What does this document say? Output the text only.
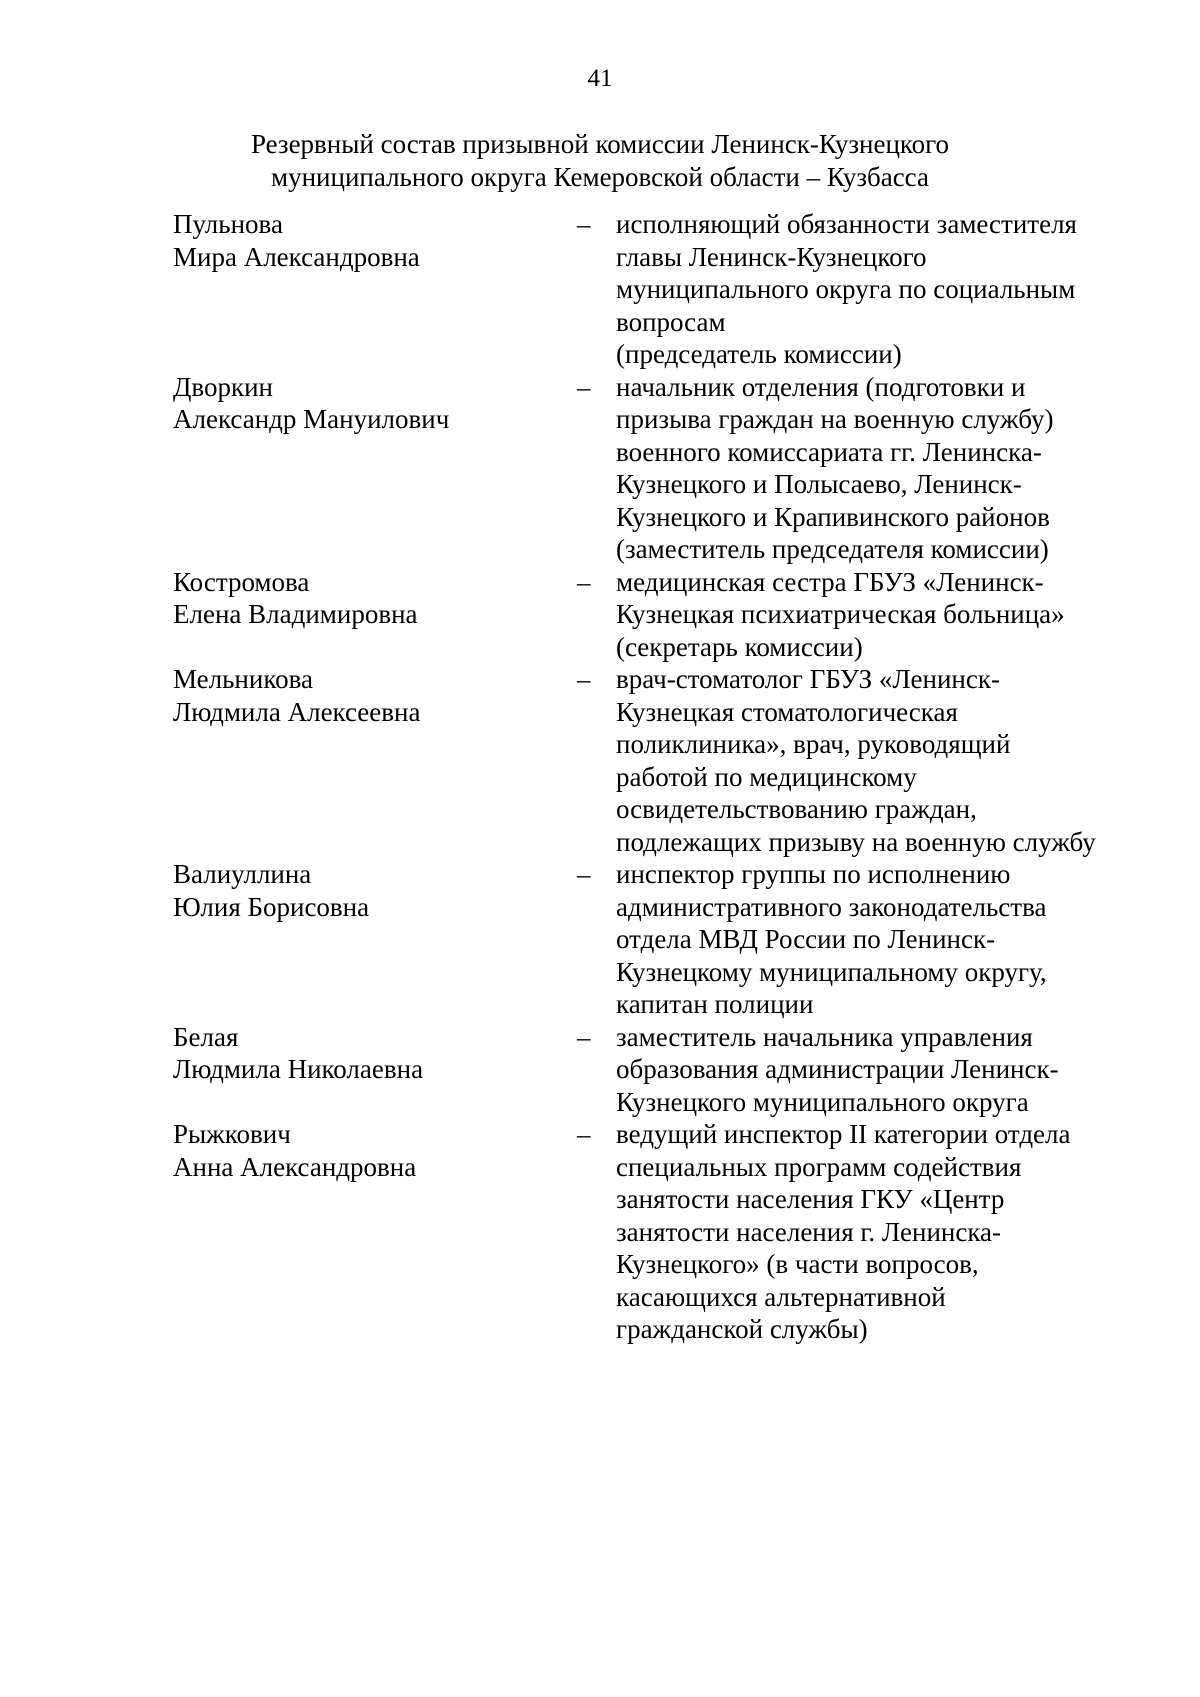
41
Резервный состав призывной комиссии Ленинск-Кузнецкого
муниципального округа Кемеровской области – Кузбасса
Пульнова
Мира Александровна
– исполняющий обязанности заместителя
главы Ленинск-Кузнецкого
муниципального округа по социальным
вопросам
(председатель комиссии)
Дворкин
Александр Мануилович
– начальник отделения (подготовки и
призыва граждан на военную службу)
военного комиссариата гг. Ленинска-
Кузнецкого и Полысаево, Ленинск-
Кузнецкого и Крапивинского районов
(заместитель председателя комиссии)
Костромова
Елена Владимировна
– медицинская сестра ГБУЗ «Ленинск-
Кузнецкая психиатрическая больница»
(секретарь комиссии)
Мельникова
Людмила Алексеевна
– врач-стоматолог ГБУЗ «Ленинск-
Кузнецкая стоматологическая
поликлиника», врач, руководящий
работой по медицинскому
освидетельствованию граждан,
подлежащих призыву на военную службу
Валиуллина
Юлия Борисовна
– инспектор группы по исполнению
административного законодательства
отдела МВД России по Ленинск-
Кузнецкому муниципальному округу,
капитан полиции
Белая
Людмила Николаевна
– заместитель начальника управления
образования администрации Ленинск-
Кузнецкого муниципального округа
Рыжкович
Анна Александровна
– ведущий инспектор II категории отдела
специальных программ содействия
занятости населения ГКУ «Центр
занятости населения г. Ленинска-
Кузнецкого» (в части вопросов,
касающихся альтернативной
гражданской службы)
